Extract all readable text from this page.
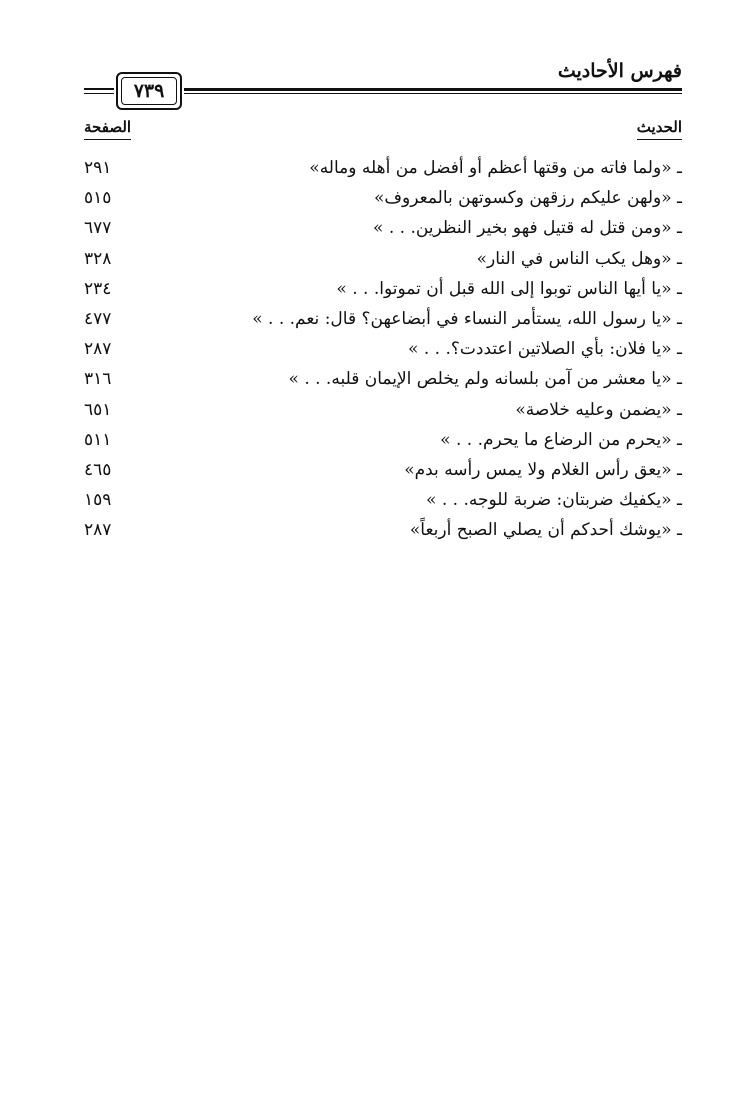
فهرس الأحاديث
٧٣٩
الحديث
الصفحة
ـ «ولما فاته من وقتها أعظم أو أفضل من أهله وماله»
٢٩١
ـ «ولهن عليكم رزقهن وكسوتهن بالمعروف»
٥١٥
ـ «ومن قتل له قتيل فهو بخير النظرين. . . »
٦٧٧
ـ «وهل يكب الناس في النار»
٣٢٨
ـ «يا أيها الناس توبوا إلى الله قبل أن تموتوا. . . »
٢٣٤
ـ «يا رسول الله، يستأمر النساء في أبضاعهن؟ قال: نعم. . . »
٤٧٧
ـ «يا فلان: بأي الصلاتين اعتددت؟. . . »
٢٨٧
ـ «يا معشر من آمن بلسانه ولم يخلص الإيمان قلبه. . . »
٣١٦
ـ «يضمن وعليه خلاصة»
٦٥١
ـ «يحرم من الرضاع ما يحرم. . . »
٥١١
ـ «يعق رأس الغلام ولا يمس رأسه بدم»
٤٦٥
ـ «يكفيك ضربتان: ضربة للوجه. . . »
١٥٩
ـ «يوشك أحدكم أن يصلي الصبح أربعاً»
٢٨٧
